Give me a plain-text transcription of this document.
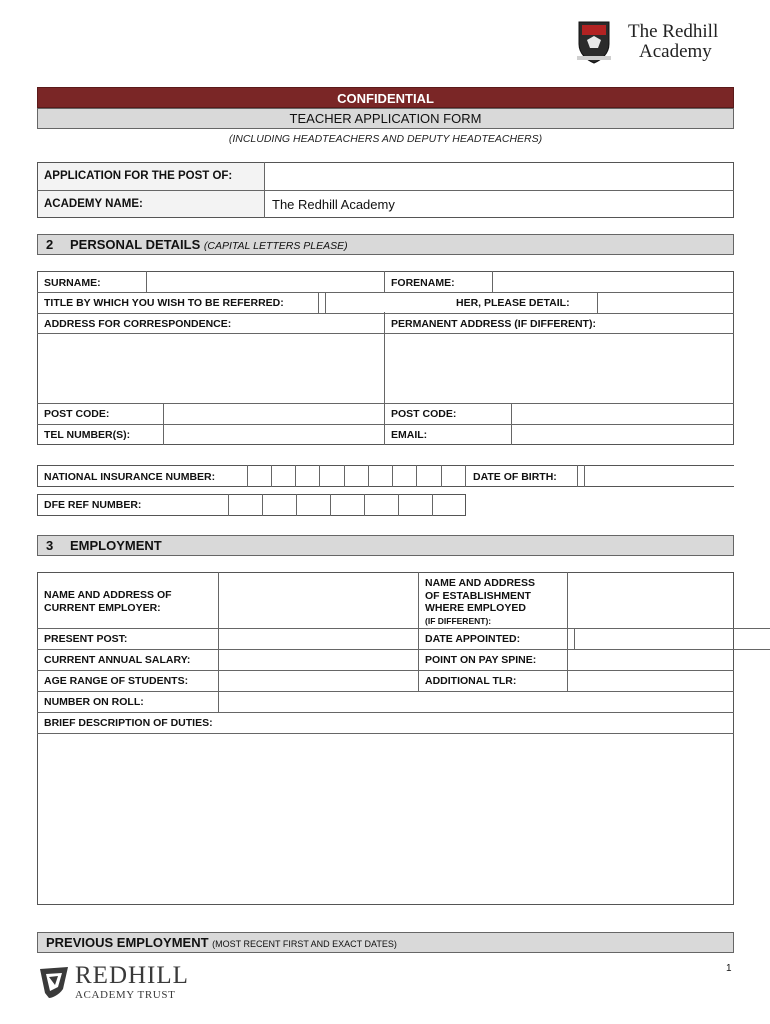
The Redhill
Academy
CONFIDENTIAL
TEACHER APPLICATION FORM
(INCLUDING HEADTEACHERS AND DEPUTY HEADTEACHERS)
APPLICATION FOR THE POST OF:
ACADEMY NAME:	The Redhill Academy
2 PERSONAL DETAILS (CAPITAL LETTERS PLEASE)
SURNAME:	FORENAME:
TITLE BY WHICH YOU WISH TO BE REFERRED:	HER, PLEASE DETAIL:
ADDRESS FOR CORRESPONDENCE:	PERMANENT ADDRESS (IF DIFFERENT):
POST CODE:	POST CODE:
TEL NUMBER(S):	EMAIL:
NATIONAL INSURANCE NUMBER:	DATE OF BIRTH:
DFE REF NUMBER:
3 EMPLOYMENT
NAME AND ADDRESS OF
CURRENT EMPLOYER:
NAME AND ADDRESS
OF ESTABLISHMENT
WHERE EMPLOYED
(IF DIFFERENT):
PRESENT POST:	DATE APPOINTED:
CURRENT ANNUAL SALARY:	POINT ON PAY SPINE:
AGE RANGE OF STUDENTS:	ADDITIONAL TLR:
NUMBER ON ROLL:
BRIEF DESCRIPTION OF DUTIES:
PREVIOUS EMPLOYMENT (MOST RECENT FIRST AND EXACT DATES)
REDHILL
ACADEMY TRUST
1
